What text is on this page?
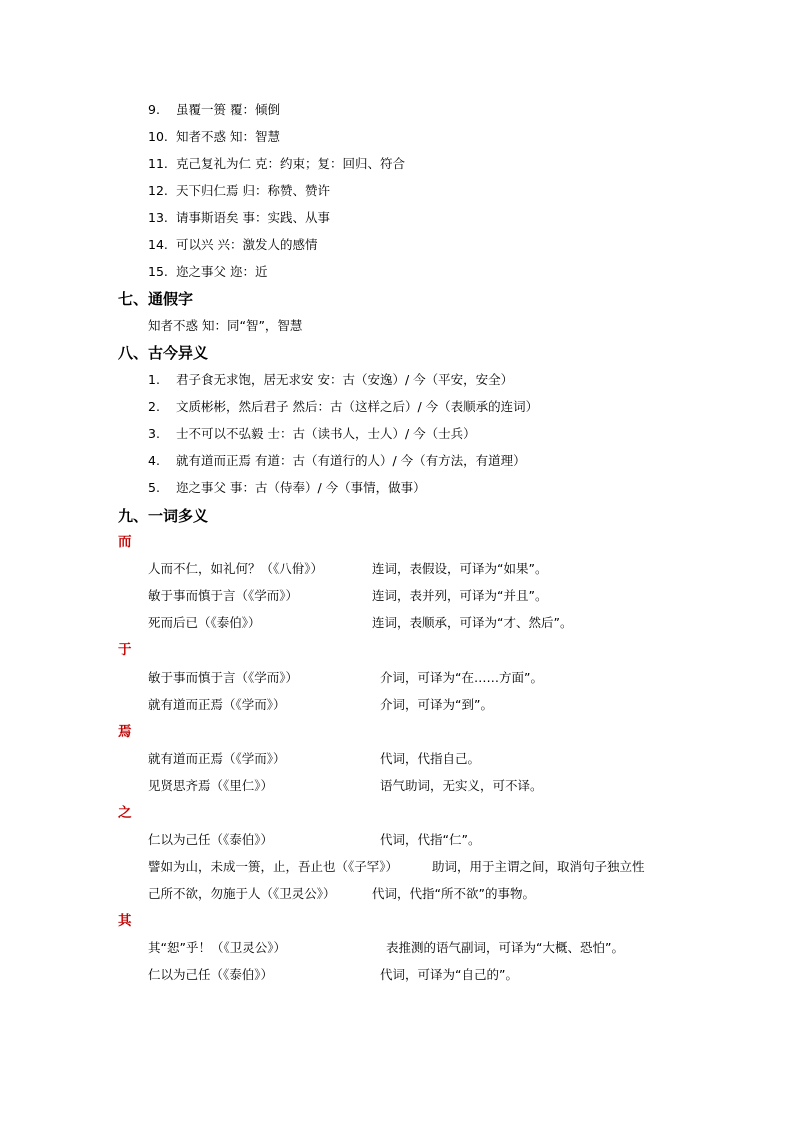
9. 虽覆一篑 覆：倾倒
10. 知者不惑 知：智慧
11. 克己复礼为仁 克：约束；复：回归、符合
12. 天下归仁焉 归：称赞、赞许
13. 请事斯语矣 事：实践、从事
14. 可以兴 兴：激发人的感情
15. 迩之事父 迩：近
七、通假字
知者不惑 知：同“智”，智慧
八、古今异义
1. 君子食无求饱，居无求安 安：古（安逸）/ 今（平安，安全）
2. 文质彬彬，然后君子 然后：古（这样之后）/ 今（表顺承的连词）
3. 士不可以不弘毅 士：古（读书人，士人）/ 今（士兵）
4. 就有道而正焉 有道：古（有道行的人）/ 今（有方法，有道理）
5. 迩之事父 事：古（侍奉）/ 今（事情，做事）
九、一词多义
而
人而不仁，如礼何？（《八佾》）	连词，表假设，可译为“如果”。
敏于事而慎于言（《学而》）	连词，表并列，可译为“并且”。
死而后已（《泰伯》）	连词，表顺承，可译为“才、然后”。
于
敏于事而慎于言（《学而》）	介词，可译为“在……方面”。
就有道而正焉（《学而》）	介词，可译为“到”。
焉
就有道而正焉（《学而》）	代词，代指自己。
见贤思齐焉（《里仁》）	语气助词，无实义，可不译。
之
仁以为己任（《泰伯》）	代词，代指“仁”。
譬如为山，未成一篑，止，吾止也（《子罕》）	助词，用于主谓之间，取消句子独立性
己所不欲，勿施于人（《卫灵公》）	代词，代指“所不欲”的事物。
其
其“恕”乎！（《卫灵公》）	表推测的语气副词，可译为“大概、恐怕”。
仁以为己任（《泰伯》）	代词，可译为“自己的”。
